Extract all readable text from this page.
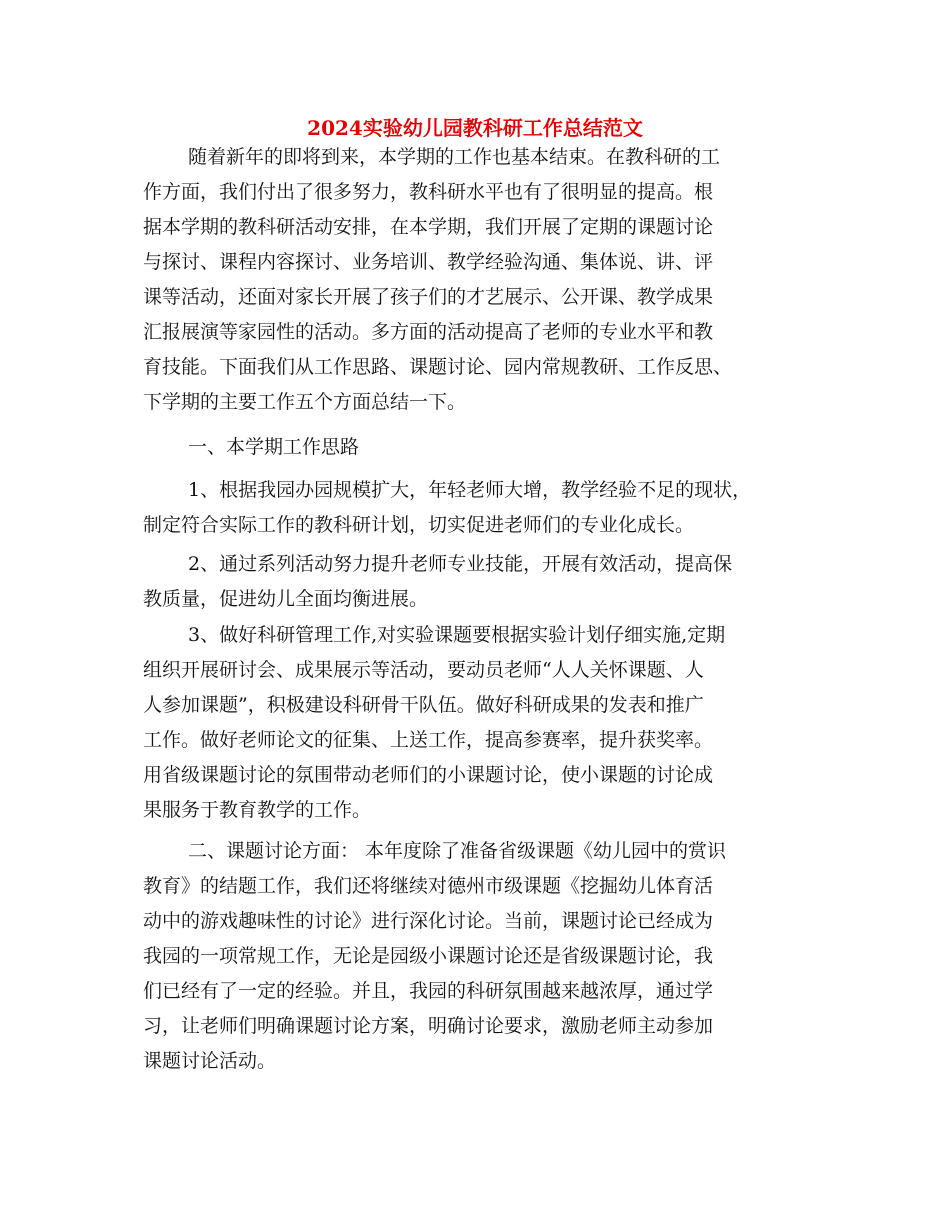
2024实验幼儿园教科研工作总结范文

随着新年的即将到来，本学期的工作也基本结束。在教科研的工

作方面，我们付出了很多努力，教科研水平也有了很明显的提高。根

据本学期的教科研活动安排，在本学期，我们开展了定期的课题讨论

与探讨、课程内容探讨、业务培训、教学经验沟通、集体说、讲、评

课等活动，还面对家长开展了孩子们的才艺展示、公开课、教学成果

汇报展演等家园性的活动。多方面的活动提高了老师的专业水平和教

育技能。下面我们从工作思路、课题讨论、园内常规教研、工作反思、

下学期的主要工作五个方面总结一下。

一、本学期工作思路

1、根据我园办园规模扩大，年轻老师大增，教学经验不足的现状，

制定符合实际工作的教科研计划，切实促进老师们的专业化成长。

2、通过系列活动努力提升老师专业技能，开展有效活动，提高保

教质量，促进幼儿全面均衡进展。

3、做好科研管理工作,对实验课题要根据实验计划仔细实施,定期

组织开展研讨会、成果展示等活动，要动员老师“人人关怀课题、人

人参加课题”，积极建设科研骨干队伍。做好科研成果的发表和推广

工作。做好老师论文的征集、上送工作，提高参赛率，提升获奖率。

用省级课题讨论的氛围带动老师们的小课题讨论，使小课题的讨论成

果服务于教育教学的工作。

二、课题讨论方面： 本年度除了准备省级课题《幼儿园中的赏识

教育》的结题工作，我们还将继续对德州市级课题《挖掘幼儿体育活

动中的游戏趣味性的讨论》进行深化讨论。当前，课题讨论已经成为

我园的一项常规工作，无论是园级小课题讨论还是省级课题讨论，我

们已经有了一定的经验。并且，我园的科研氛围越来越浓厚，通过学

习，让老师们明确课题讨论方案，明确讨论要求，激励老师主动参加

课题讨论活动。
